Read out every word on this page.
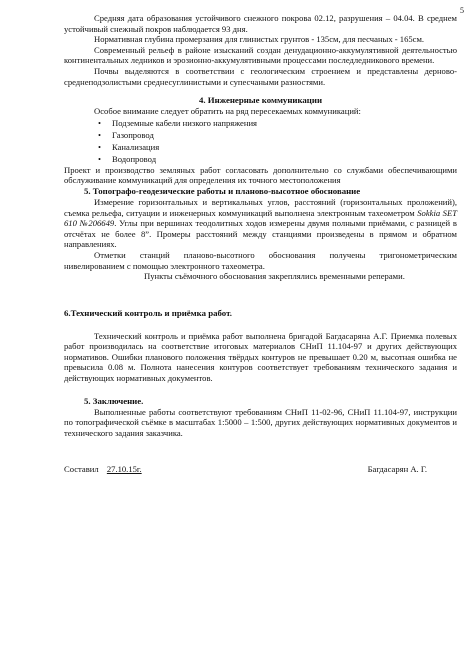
5

Средняя дата образования устойчивого снежного покрова 02.12, разрушения – 04.04. В среднем устойчивый снежный покров наблюдается 93 дня.

Нормативная глубина промерзания для глинистых грунтов - 135см, для песчаных - 165см.

Современный рельеф в районе изысканий создан денудационно-аккумулятивной деятельностью континентальных ледников и эрозионно-аккумулятивными процессами последледникового времени.

Почвы выделяются в соответствии с геологическим строением и представлены дерново-среднеподзолистыми среднесуглинистыми и супесчаными разностями.

4. Инженерные коммуникации

Особое внимание следует обратить на ряд пересекаемых коммуникаций:

• Подземные кабели низкого напряжения
• Газопровод
• Канализация
• Водопровод

Проект и производство земляных работ согласовать дополнительно со службами обеспечивающими обслуживание коммуникаций для определения их точного местоположения

5. Топографо-геодезические работы и планово-высотное обоснование

Измерение горизонтальных и вертикальных углов, расстояний (горизонтальных проложений), съемка рельефа, ситуации и инженерных коммуникаций выполнена электронным тахеометром Sokkia SET 610 №206649. Углы при вершинах теодолитных ходов измерены двумя полными приёмами, с разницей в отсчётах не более 8”. Промеры расстояний между станциями произведены в прямом и обратном направлениях.

Отметки станций планово-высотного обоснования получены тригонометрическим нивелированием с помощью электронного тахеометра.

Пункты съёмочного обоснования закреплялись временными реперами.

6.Технический контроль и приёмка работ.

Технический контроль и приёмка работ выполнена бригадой Багдасаряна А.Г. Приемка полевых работ производилась на соответствие итоговых материалов СНиП 11.104-97 и других действующих нормативов. Ошибки планового положения твёрдых контуров не превышает 0.20 м, высотная ошибка не превысила 0.08 м. Полнота нанесения контуров соответствует требованиям технического задания и действующих нормативных документов.

5. Заключение.

Выполненные работы соответствуют требованиям СНиП 11-02-96, СНиП 11.104-97, инструкции по топографической съёмке в масштабах 1:5000 – 1:500, других действующих нормативных документов и технического задания заказчика.

Составил 27.10.15г.	Багдасарян А. Г.
